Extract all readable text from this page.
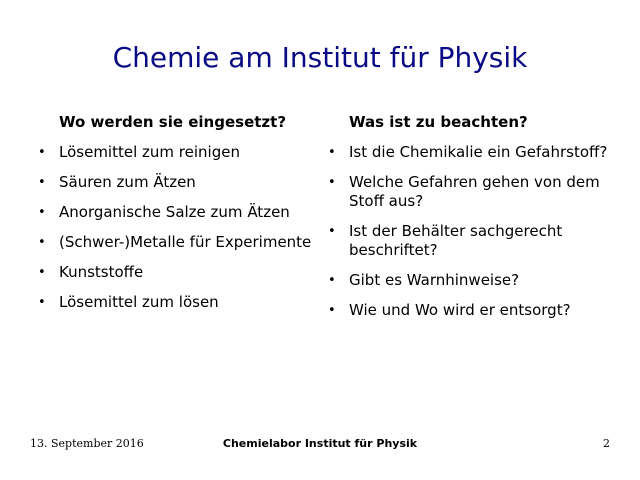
Chemie am Institut für Physik
Wo werden sie eingesetzt?
• Lösemittel zum reinigen
• Säuren zum Ätzen
• Anorganische Salze zum Ätzen
• (Schwer-)Metalle für Experimente
• Kunststoffe
• Lösemittel zum lösen
Was ist zu beachten?
• Ist die Chemikalie ein Gefahrstoff?
• Welche Gefahren gehen von dem Stoff aus?
• Ist der Behälter sachgerecht beschriftet?
• Gibt es Warnhinweise?
• Wie und Wo wird er entsorgt?
13. September 2016	Chemielabor Institut für Physik	2
